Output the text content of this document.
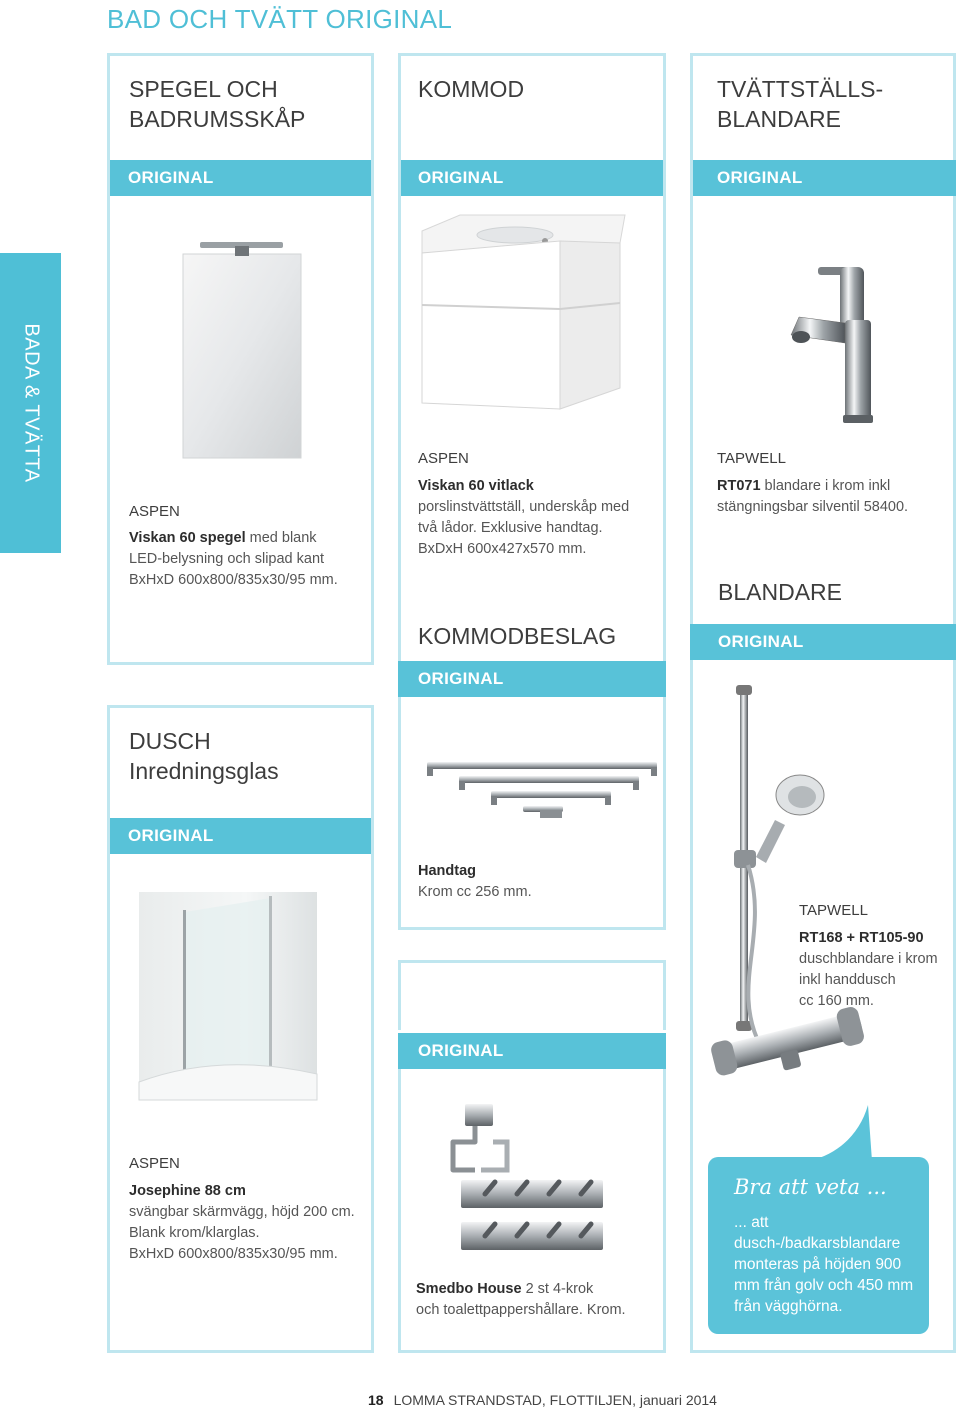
BAD OCH TVÄTT ORIGINAL
BADA & TVÄTTA
SPEGEL OCH
BADRUMSSKÅP
ORIGINAL
ASPEN
Viskan 60 spegel med blank
LED-belysning och slipad kant
BxHxD 600x800/835x30/95 mm.
KOMMOD
ORIGINAL
ASPEN
Viskan 60 vitlack
porslinstvättställ, underskåp med
två lådor. Exklusive handtag.
BxDxH 600x427x570 mm.
TVÄTTSTÄLLS-
BLANDARE
ORIGINAL
TAPWELL
RT071 blandare i krom inkl
stängningsbar silventil 58400.
KOMMODBESLAG
ORIGINAL
Handtag
Krom cc 256 mm.
BLANDARE
ORIGINAL
TAPWELL
RT168 + RT105-90
duschblandare i krom
inkl handdusch
cc 160 mm.
DUSCH
Inredningsglas
ORIGINAL
ASPEN
Josephine 88 cm
svängbar skärmvägg, höjd 200 cm.
Blank krom/klarglas.
BxHxD 600x800/835x30/95 mm.
ORIGINAL
Smedbo House 2 st 4-krok
och toalettpappershållare. Krom.
Bra att veta ...
... att dusch-/badkarsblandare monteras på höjden 900 mm från golv och 450 mm från vägghörna.
18 LOMMA STRANDSTAD, FLOTTILJEN, januari 2014
